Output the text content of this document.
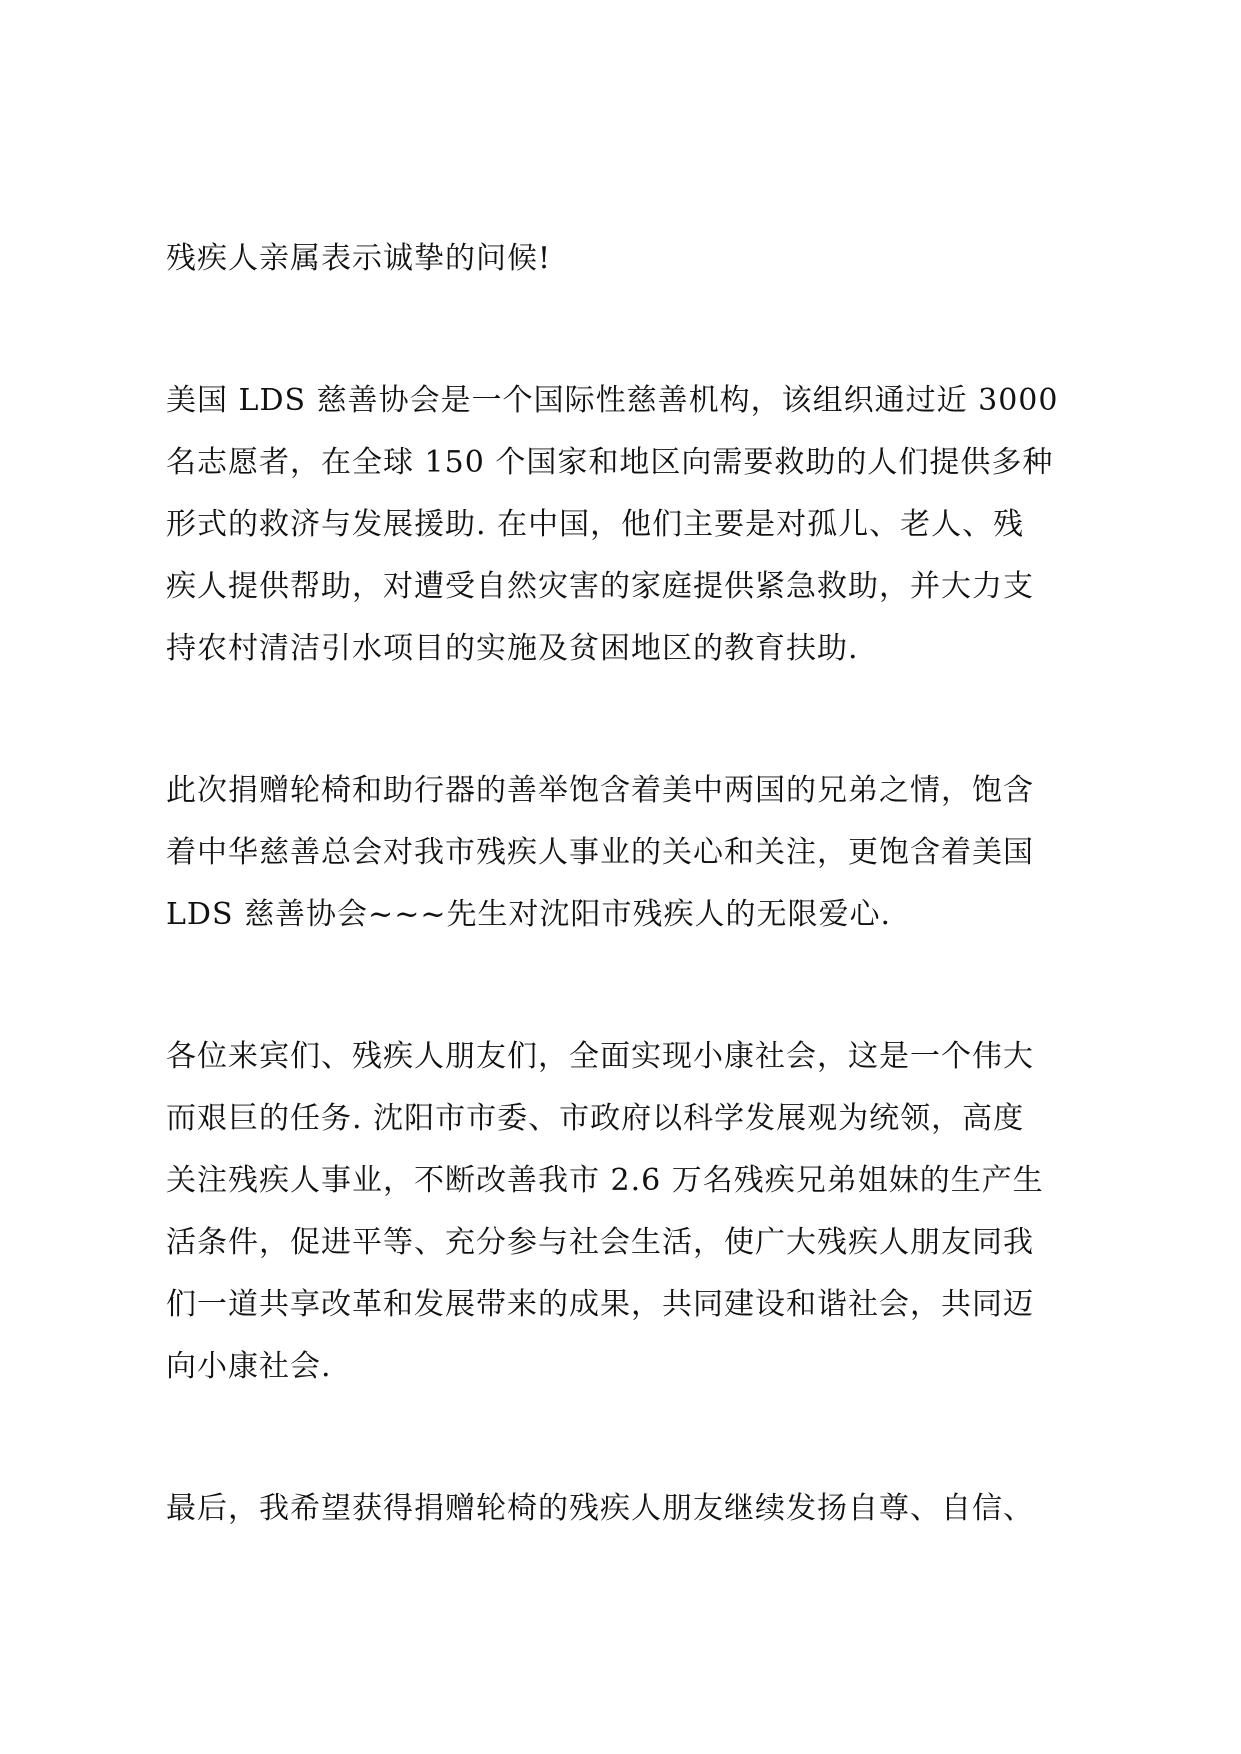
残疾人亲属表示诚挚的问候!
美国 LDS 慈善协会是一个国际性慈善机构，该组织通过近 3000
名志愿者，在全球 150 个国家和地区向需要救助的人们提供多种
形式的救济与发展援助. 在中国，他们主要是对孤儿、老人、残
疾人提供帮助，对遭受自然灾害的家庭提供紧急救助，并大力支
持农村清洁引水项目的实施及贫困地区的教育扶助.
此次捐赠轮椅和助行器的善举饱含着美中两国的兄弟之情，饱含
着中华慈善总会对我市残疾人事业的关心和关注，更饱含着美国
LDS 慈善协会~~~先生对沈阳市残疾人的无限爱心.
各位来宾们、残疾人朋友们，全面实现小康社会，这是一个伟大
而艰巨的任务. 沈阳市市委、市政府以科学发展观为统领，高度
关注残疾人事业，不断改善我市 2.6 万名残疾兄弟姐妹的生产生
活条件，促进平等、充分参与社会生活，使广大残疾人朋友同我
们一道共享改革和发展带来的成果，共同建设和谐社会，共同迈
向小康社会.
最后，我希望获得捐赠轮椅的残疾人朋友继续发扬自尊、自信、
